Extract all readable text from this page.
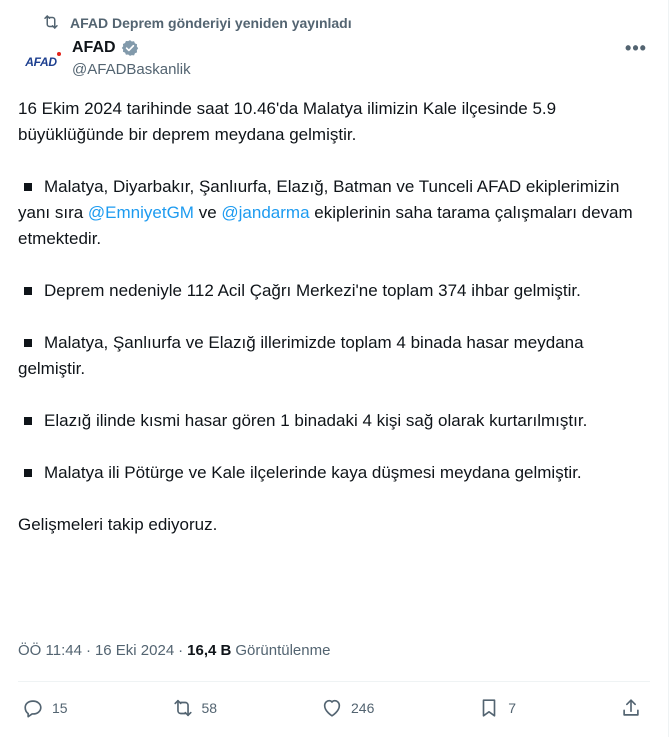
AFAD Deprem gönderiyi yeniden yayınladı
AFAD
AFAD
@AFADBaskanlik
•••

16 Ekim 2024 tarihinde saat 10.46'da Malatya ilimizin Kale ilçesinde 5.9 büyüklüğünde bir deprem meydana gelmiştir.

Malatya, Diyarbakır, Şanlıurfa, Elazığ, Batman ve Tunceli AFAD ekiplerimizin yanı sıra @EmniyetGM ve @jandarma ekiplerinin saha tarama çalışmaları devam etmektedir.

Deprem nedeniyle 112 Acil Çağrı Merkezi'ne toplam 374 ihbar gelmiştir.

Malatya, Şanlıurfa ve Elazığ illerimizde toplam 4 binada hasar meydana gelmiştir.

Elazığ ilinde kısmi hasar gören 1 binadaki 4 kişi sağ olarak kurtarılmıştır.

Malatya ili Pötürge ve Kale ilçelerinde kaya düşmesi meydana gelmiştir.

Gelişmeleri takip ediyoruz.

ÖÖ 11:44 · 16 Eki 2024 · 16,4 B Görüntülenme
15	58	246	7
